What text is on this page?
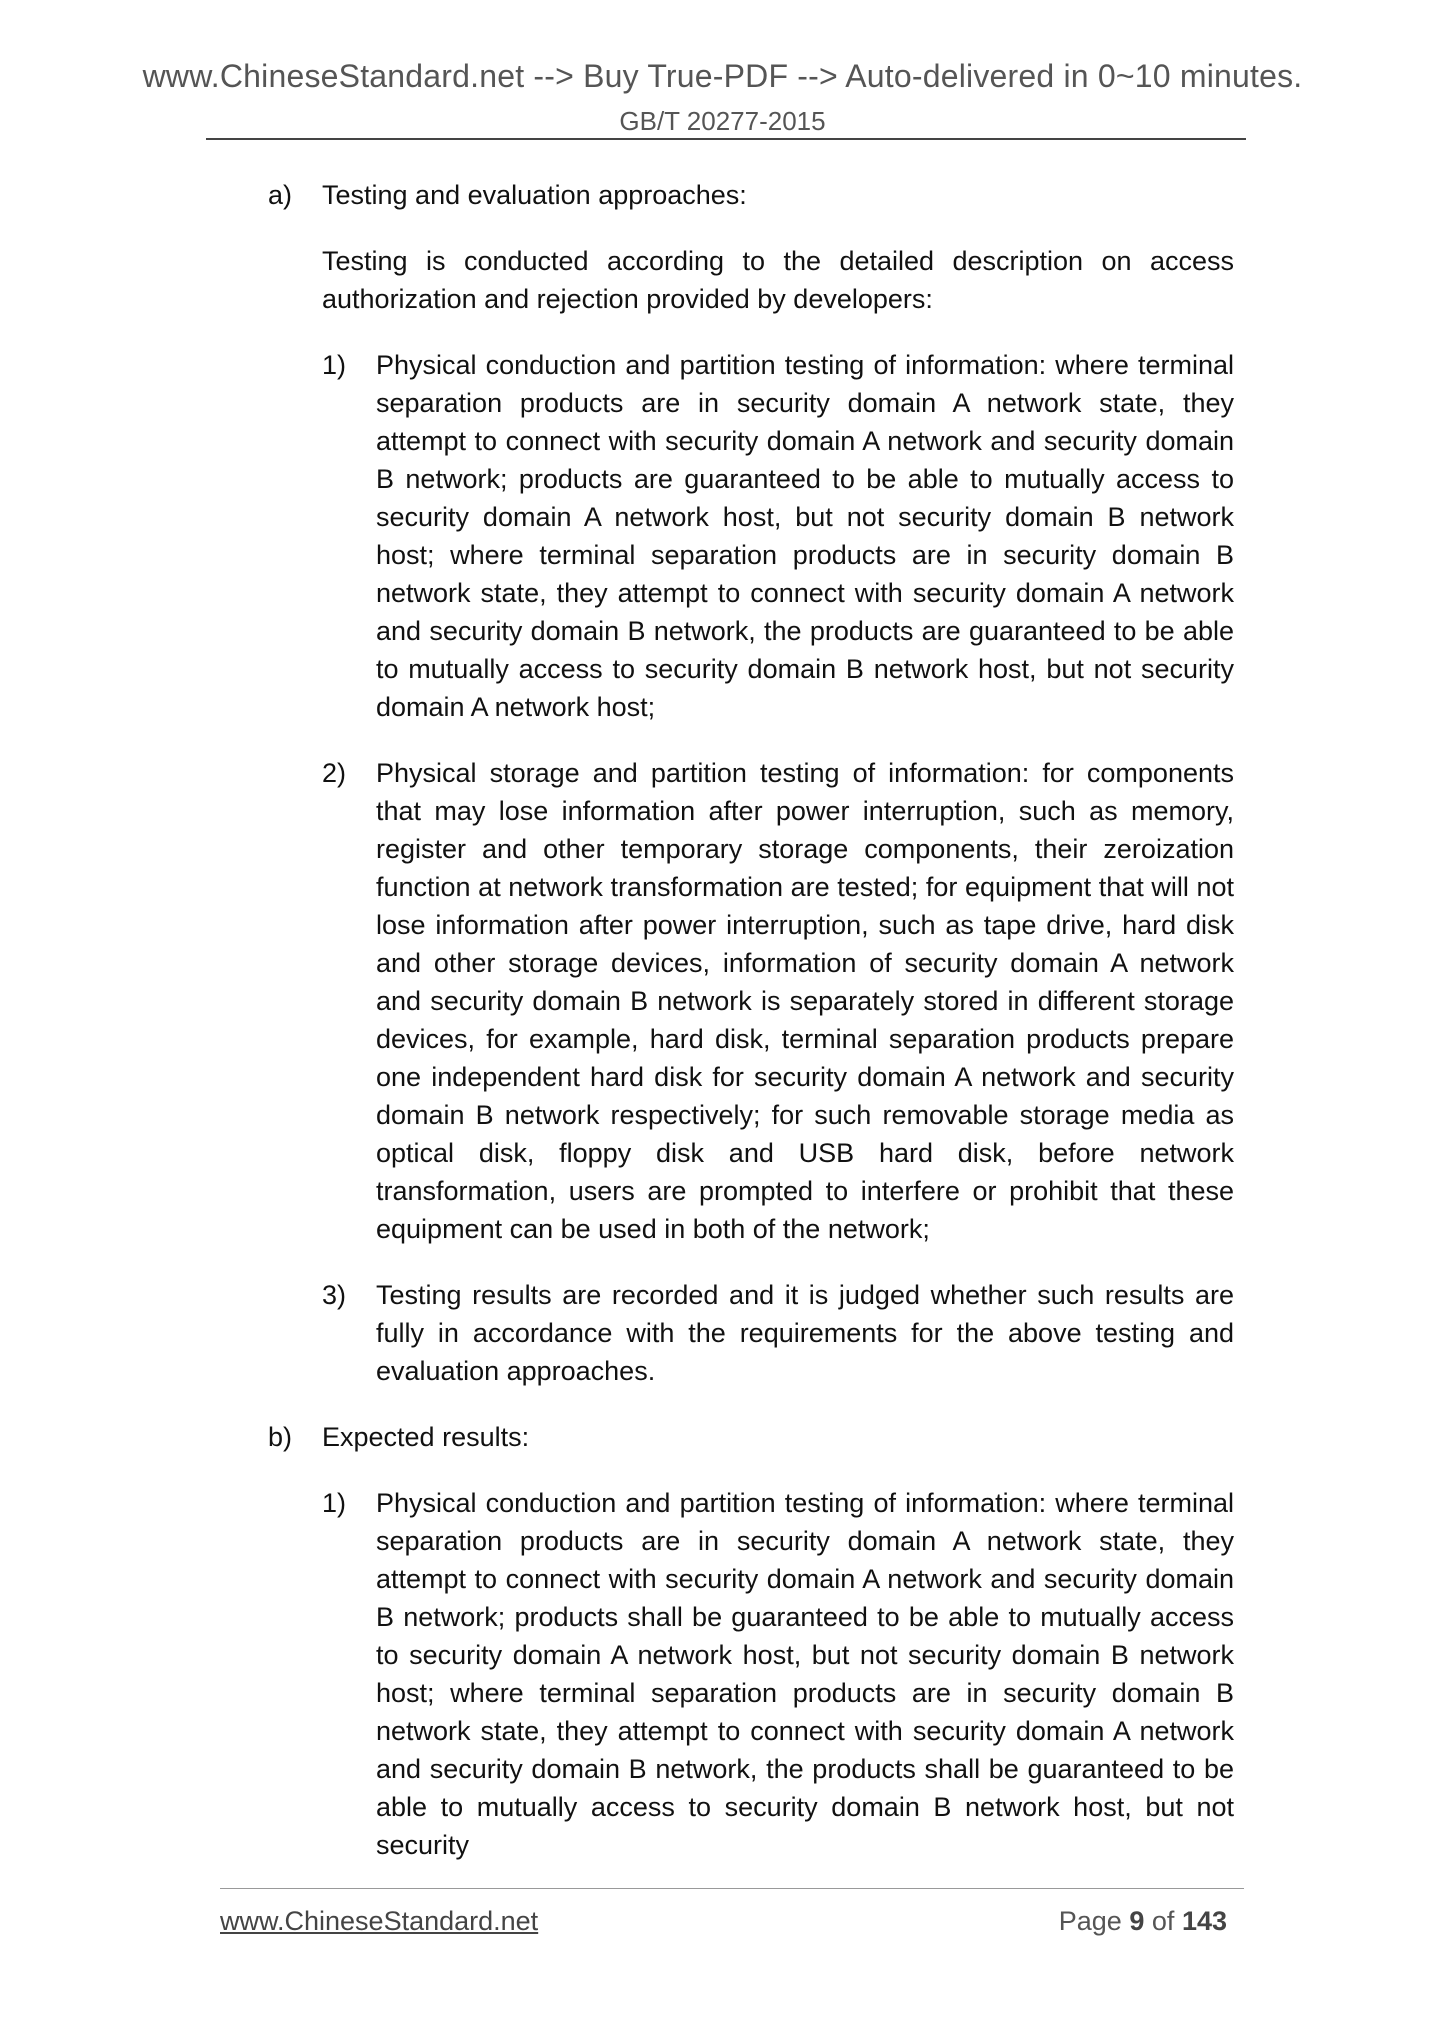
www.ChineseStandard.net --> Buy True-PDF --> Auto-delivered in 0~10 minutes.
GB/T 20277-2015
a) Testing and evaluation approaches:
Testing is conducted according to the detailed description on access authorization and rejection provided by developers:
1) Physical conduction and partition testing of information: where terminal separation products are in security domain A network state, they attempt to connect with security domain A network and security domain B network; products are guaranteed to be able to mutually access to security domain A network host, but not security domain B network host; where terminal separation products are in security domain B network state, they attempt to connect with security domain A network and security domain B network, the products are guaranteed to be able to mutually access to security domain B network host, but not security domain A network host;
2) Physical storage and partition testing of information: for components that may lose information after power interruption, such as memory, register and other temporary storage components, their zeroization function at network transformation are tested; for equipment that will not lose information after power interruption, such as tape drive, hard disk and other storage devices, information of security domain A network and security domain B network is separately stored in different storage devices, for example, hard disk, terminal separation products prepare one independent hard disk for security domain A network and security domain B network respectively; for such removable storage media as optical disk, floppy disk and USB hard disk, before network transformation, users are prompted to interfere or prohibit that these equipment can be used in both of the network;
3) Testing results are recorded and it is judged whether such results are fully in accordance with the requirements for the above testing and evaluation approaches.
b) Expected results:
1) Physical conduction and partition testing of information: where terminal separation products are in security domain A network state, they attempt to connect with security domain A network and security domain B network; products shall be guaranteed to be able to mutually access to security domain A network host, but not security domain B network host; where terminal separation products are in security domain B network state, they attempt to connect with security domain A network and security domain B network, the products shall be guaranteed to be able to mutually access to security domain B network host, but not security
www.ChineseStandard.net	Page 9 of 143
